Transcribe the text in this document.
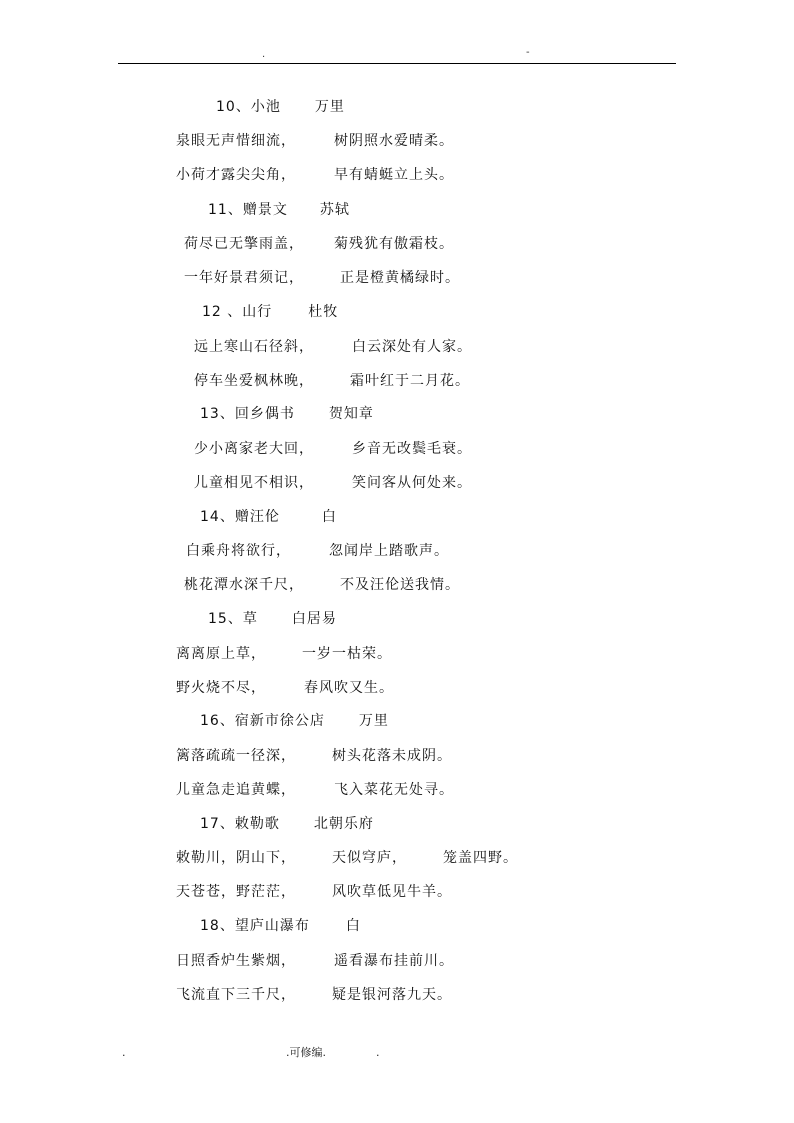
.	-
10、小池 万里
泉眼无声惜细流，	树阴照水爱晴柔。
小荷才露尖尖角，	早有蜻蜓立上头。
11、赠景文 苏轼
荷尽已无擎雨盖， 菊残犹有傲霜枝。
一年好景君须记，	正是橙黄橘绿时。
12 、山行	杜牧
远上寒山石径斜，	白云深处有人家。
停车坐爱枫林晚，	霜叶红于二月花。
13、回乡偶书 贺知章
少小离家老大回，	乡音无改鬓毛衰。
儿童相见不相识，	笑问客从何处来。
14、赠汪伦	白
白乘舟将欲行，	忽闻岸上踏歌声。
桃花潭水深千尺，	不及汪伦送我情。
15、草 白居易
离离原上草，	一岁一枯荣。
野火烧不尽，	春风吹又生。
16、宿新市徐公店 万里
篱落疏疏一径深，	树头花落未成阴。
儿童急走追黄蝶，	飞入菜花无处寻。
17、敕勒歌 北朝乐府
敕勒川，阴山下，	天似穹庐，	笼盖四野。
天苍苍，野茫茫，	风吹草低见牛羊。
18、望庐山瀑布	白
日照香炉生紫烟，	遥看瀑布挂前川。
飞流直下三千尺，	疑是银河落九天。
.	.可修编.	.
